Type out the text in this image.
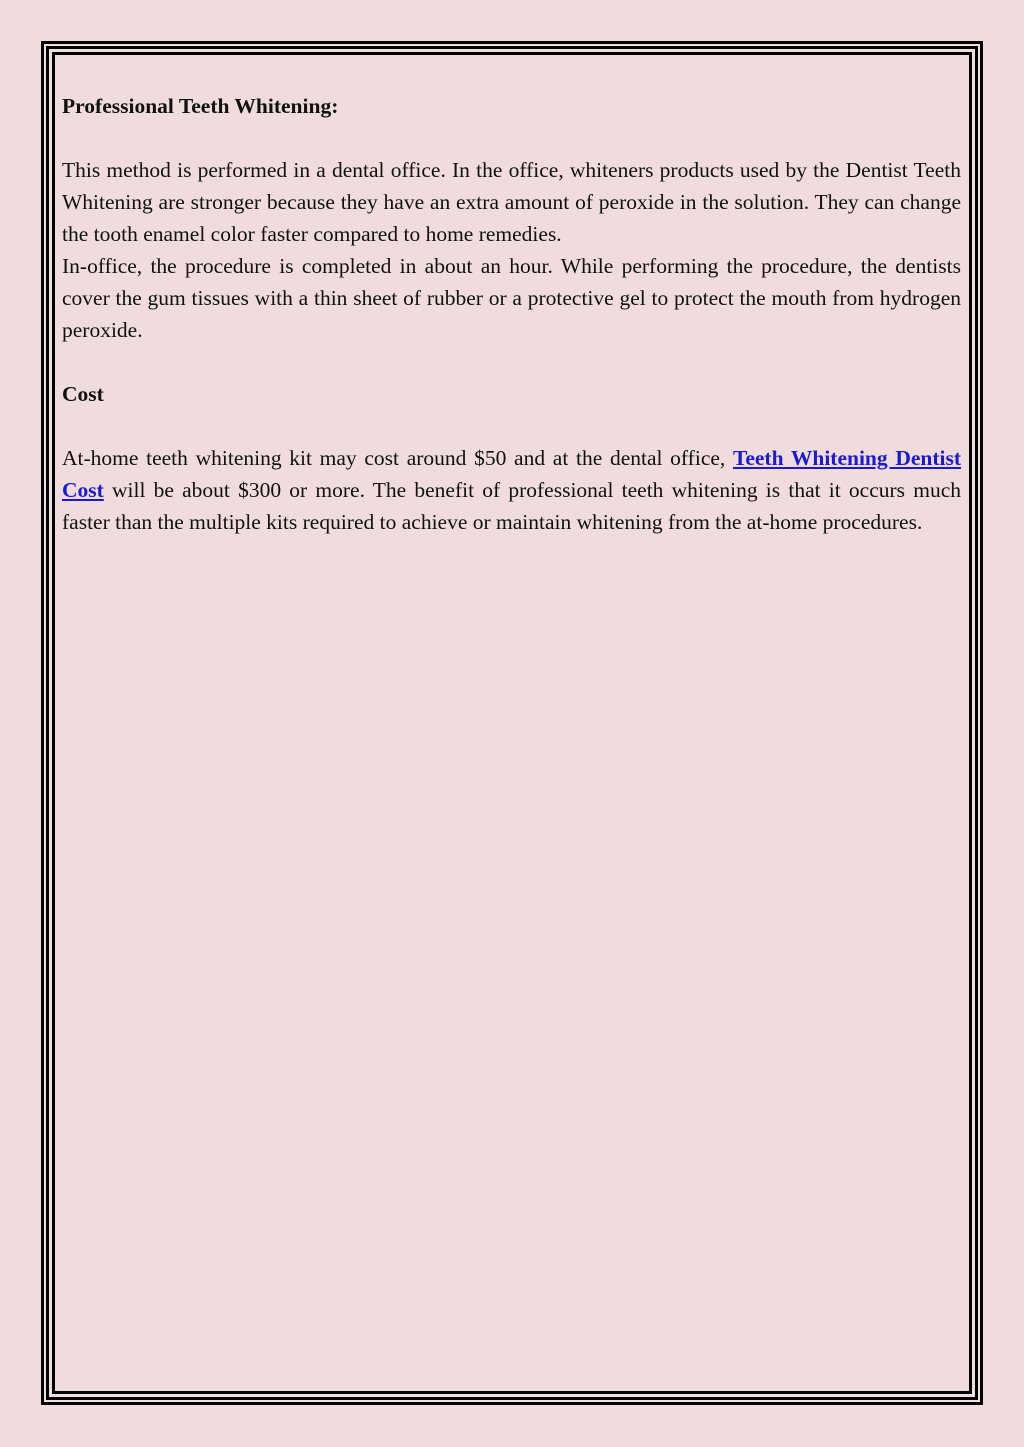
Professional Teeth Whitening:

This method is performed in a dental office. In the office, whiteners products used by the Dentist Teeth Whitening are stronger because they have an extra amount of peroxide in the solution. They can change the tooth enamel color faster compared to home remedies.

In-office, the procedure is completed in about an hour. While performing the procedure, the dentists cover the gum tissues with a thin sheet of rubber or a protective gel to protect the mouth from hydrogen peroxide.

Cost

At-home teeth whitening kit may cost around $50 and at the dental office, Teeth Whitening Dentist Cost will be about $300 or more. The benefit of professional teeth whitening is that it occurs much faster than the multiple kits required to achieve or maintain whitening from the at-home procedures.
